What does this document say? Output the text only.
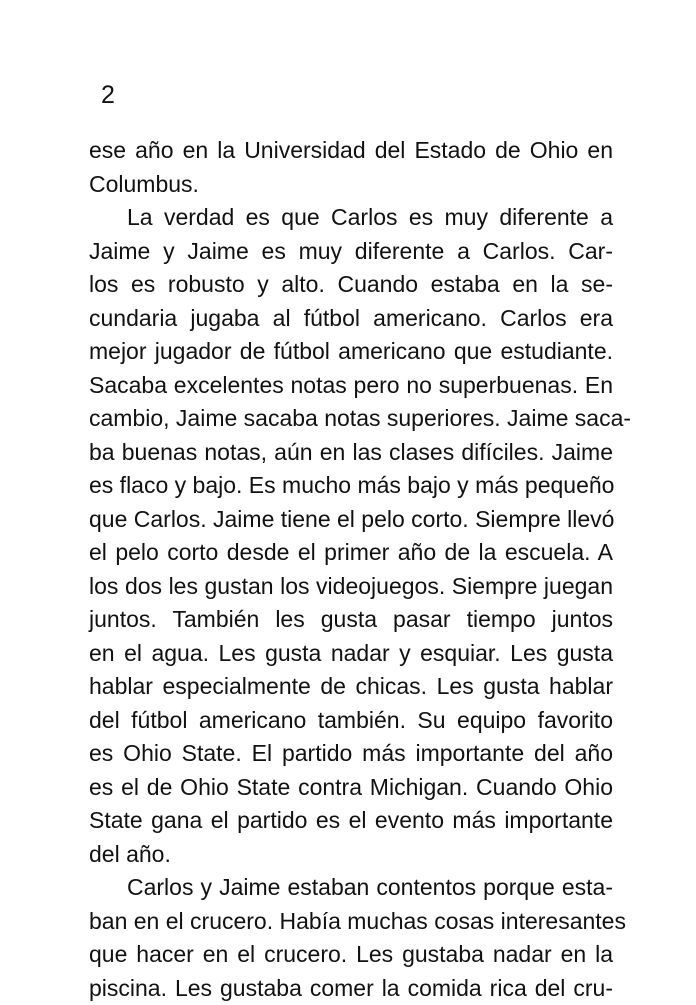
2
ese año en la Universidad del Estado de Ohio en
Columbus.
La verdad es que Carlos es muy diferente a
Jaime y Jaime es muy diferente a Carlos. Car-
los es robusto y alto. Cuando estaba en la se-
cundaria jugaba al fútbol americano. Carlos era
mejor jugador de fútbol americano que estudiante.
Sacaba excelentes notas pero no superbuenas. En
cambio, Jaime sacaba notas superiores. Jaime saca-
ba buenas notas, aún en las clases difíciles. Jaime
es flaco y bajo. Es mucho más bajo y más pequeño
que Carlos. Jaime tiene el pelo corto. Siempre llevó
el pelo corto desde el primer año de la escuela. A
los dos les gustan los videojuegos. Siempre juegan
juntos. También les gusta pasar tiempo juntos
en el agua. Les gusta nadar y esquiar. Les gusta
hablar especialmente de chicas. Les gusta hablar
del fútbol americano también. Su equipo favorito
es Ohio State. El partido más importante del año
es el de Ohio State contra Michigan. Cuando Ohio
State gana el partido es el evento más importante
del año.
Carlos y Jaime estaban contentos porque esta-
ban en el crucero. Había muchas cosas interesantes
que hacer en el crucero. Les gustaba nadar en la
piscina. Les gustaba comer la comida rica del cru-
